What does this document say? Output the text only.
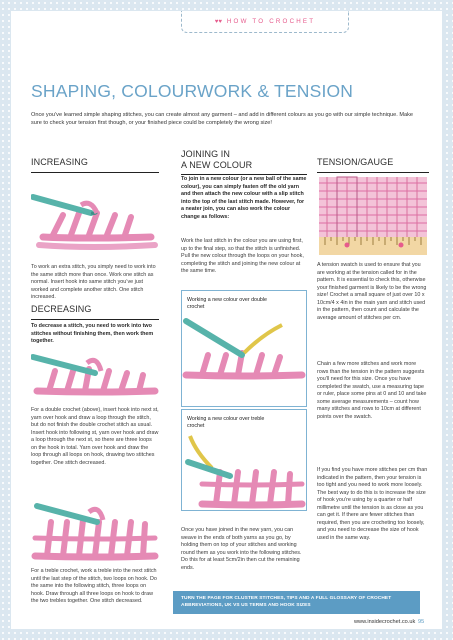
♥♥ HOW TO CROCHET
SHAPING, COLOURWORK & TENSION
Once you’ve learned simple shaping stitches, you can create almost any garment – and add in different colours as you go with our simple technique. Make sure to check your tension first though, or your finished piece could be completely the wrong size!
INCREASING
To work an extra stitch, you simply need to work into the same stitch more than once. Work one stitch as normal. Insert hook into same stitch you’ve just worked and complete another stitch. One stitch increased.
DECREASING
To decrease a stitch, you need to work into two stitches without finishing them, then work them together.
For a double crochet (above), insert hook into next st, yarn over hook and draw a loop through the stitch, but do not finish the double crochet stitch as usual. Insert hook into following st, yarn over hook and draw a loop through the next st, so there are three loops on the hook in total. Yarn over hook and draw the loop through all loops on hook, drawing two stitches together. One stitch decreased.
For a treble crochet, work a treble into the next stitch until the last step of the stitch, two loops on hook. Do the same into the following stitch, three loops on hook. Draw through all three loops on hook to draw the two trebles together. One stitch decreased.
JOINING IN
A NEW COLOUR
To join in a new colour (or a new ball of the same colour), you can simply fasten off the old yarn and then attach the new colour with a slip stitch into the top of the last stitch made. However, for a neater join, you can also work the colour change as follows:
Work the last stitch in the colour you are using first, up to the final step, so that the stitch is unfinished. Pull the new colour through the loops on your hook, completing the stitch and joining the new colour at the same time.
Working a new colour over double crochet
Working a new colour over treble crochet
Once you have joined in the new yarn, you can weave in the ends of both yarns as you go, by holding them on top of your stitches and working round them as you work into the following stitches. Do this for at least 5cm/2in then cut the remaining ends.
TENSION/GAUGE
A tension swatch is used to ensure that you are working at the tension called for in the pattern. It is essential to check this, otherwise your finished garment is likely to be the wrong size! Crochet a small square of just over 10 x 10cm/4 x 4in in the main yarn and stitch used in the pattern, then count and calculate the average amount of stitches per cm.
Chain a few more stitches and work more rows than the tension in the pattern suggests you’ll need for this size. Once you have completed the swatch, use a measuring tape or ruler, place some pins at 0 and 10 and take some average measurements – count how many stitches and rows to 10cm at different points over the swatch.
If you find you have more stitches per cm than indicated in the pattern, then your tension is too tight and you need to work more loosely. The best way to do this is to increase the size of hook you’re using by a quarter or half millimetre until the tension is as close as you can get it. If there are fewer stitches than required, then you are crocheting too loosely, and you need to decrease the size of hook used in the same way.
TURN THE PAGE FOR CLUSTER STITCHES, TIPS AND A FULL GLOSSARY OF CROCHET ABBREVIATIONS, UK VS US TERMS AND HOOK SIZES
www.insidecrochet.co.uk 95
